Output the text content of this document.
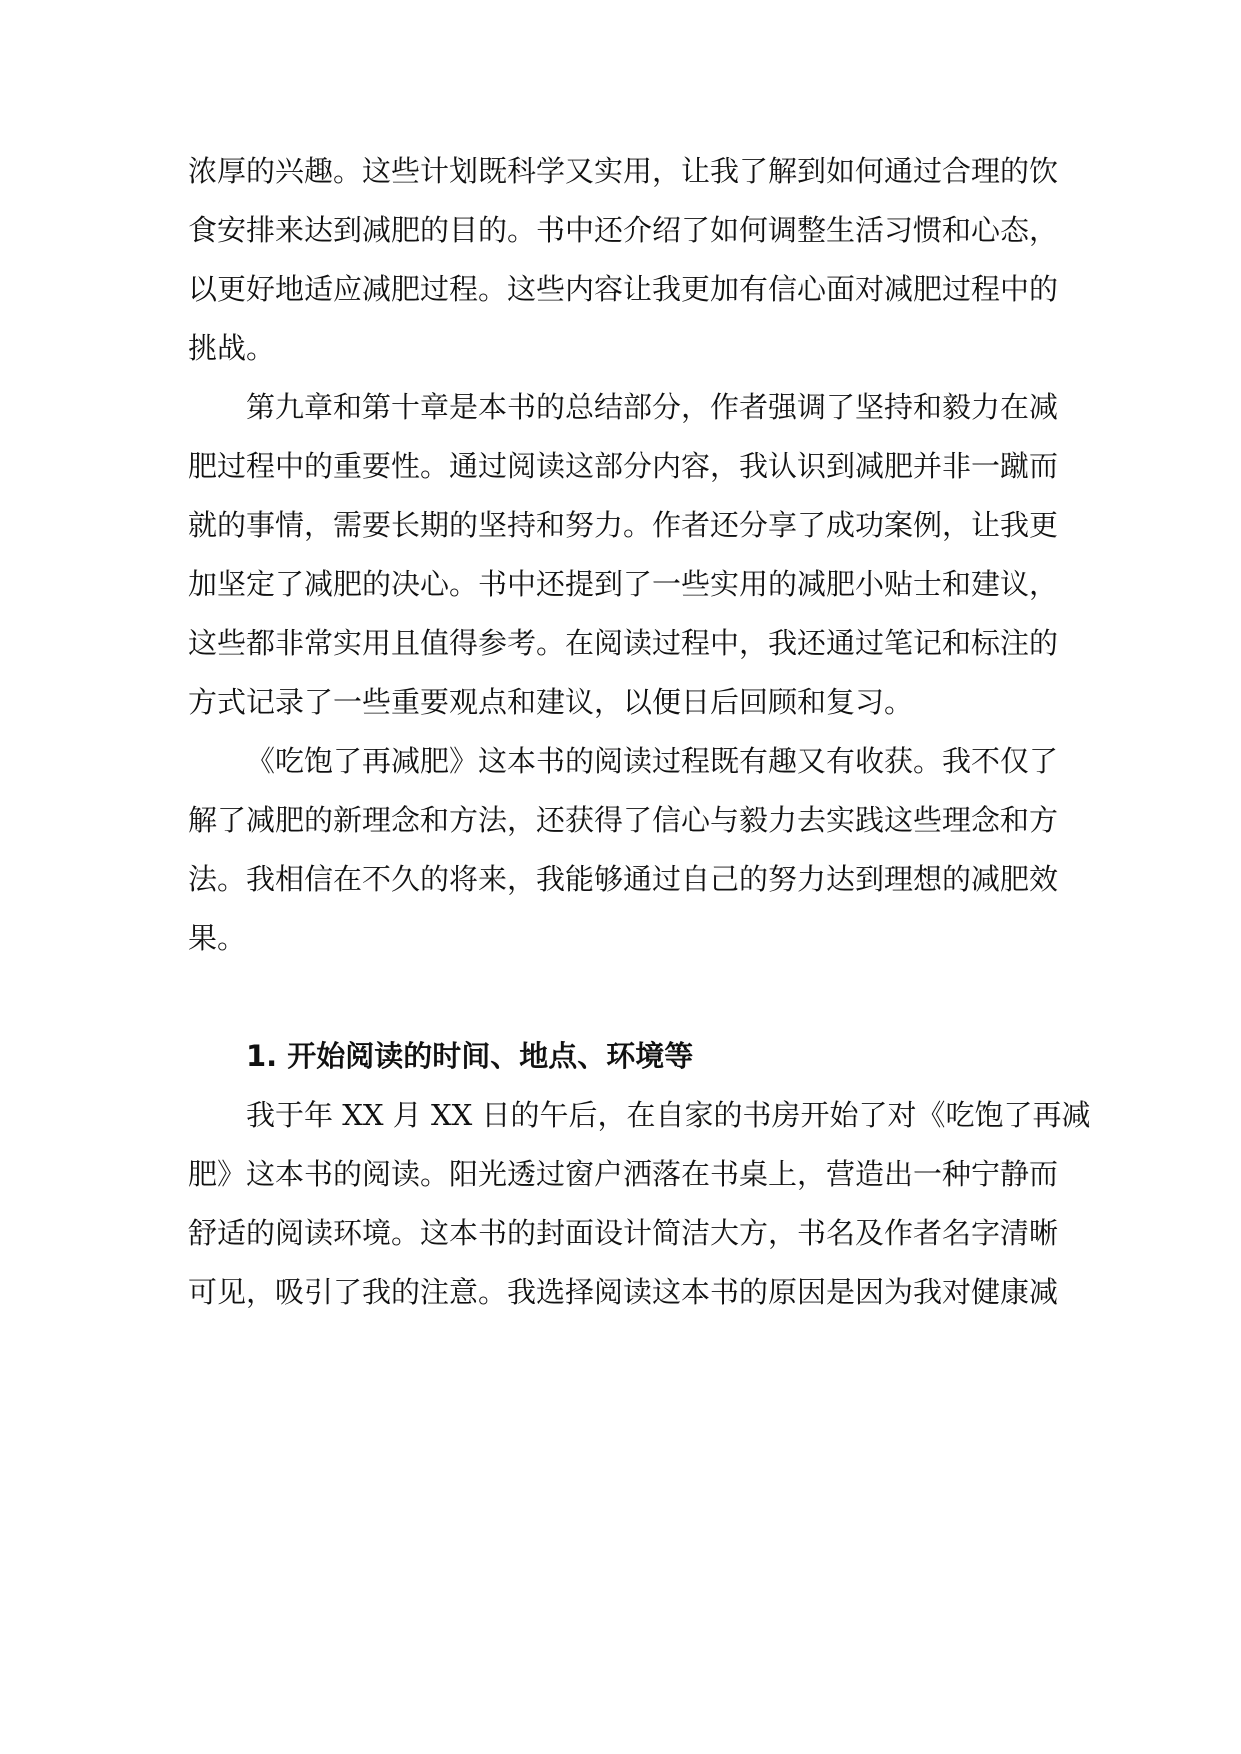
浓厚的兴趣。这些计划既科学又实用，让我了解到如何通过合理的饮
食安排来达到减肥的目的。书中还介绍了如何调整生活习惯和心态，
以更好地适应减肥过程。这些内容让我更加有信心面对减肥过程中的
挑战。
第九章和第十章是本书的总结部分，作者强调了坚持和毅力在减
肥过程中的重要性。通过阅读这部分内容，我认识到减肥并非一蹴而
就的事情，需要长期的坚持和努力。作者还分享了成功案例，让我更
加坚定了减肥的决心。书中还提到了一些实用的减肥小贴士和建议，
这些都非常实用且值得参考。在阅读过程中，我还通过笔记和标注的
方式记录了一些重要观点和建议，以便日后回顾和复习。
《吃饱了再减肥》这本书的阅读过程既有趣又有收获。我不仅了
解了减肥的新理念和方法，还获得了信心与毅力去实践这些理念和方
法。我相信在不久的将来，我能够通过自己的努力达到理想的减肥效
果。
1. 开始阅读的时间、地点、环境等
我于年 XX 月 XX 日的午后，在自家的书房开始了对《吃饱了再减
肥》这本书的阅读。阳光透过窗户洒落在书桌上，营造出一种宁静而
舒适的阅读环境。这本书的封面设计简洁大方，书名及作者名字清晰
可见，吸引了我的注意。我选择阅读这本书的原因是因为我对健康减
